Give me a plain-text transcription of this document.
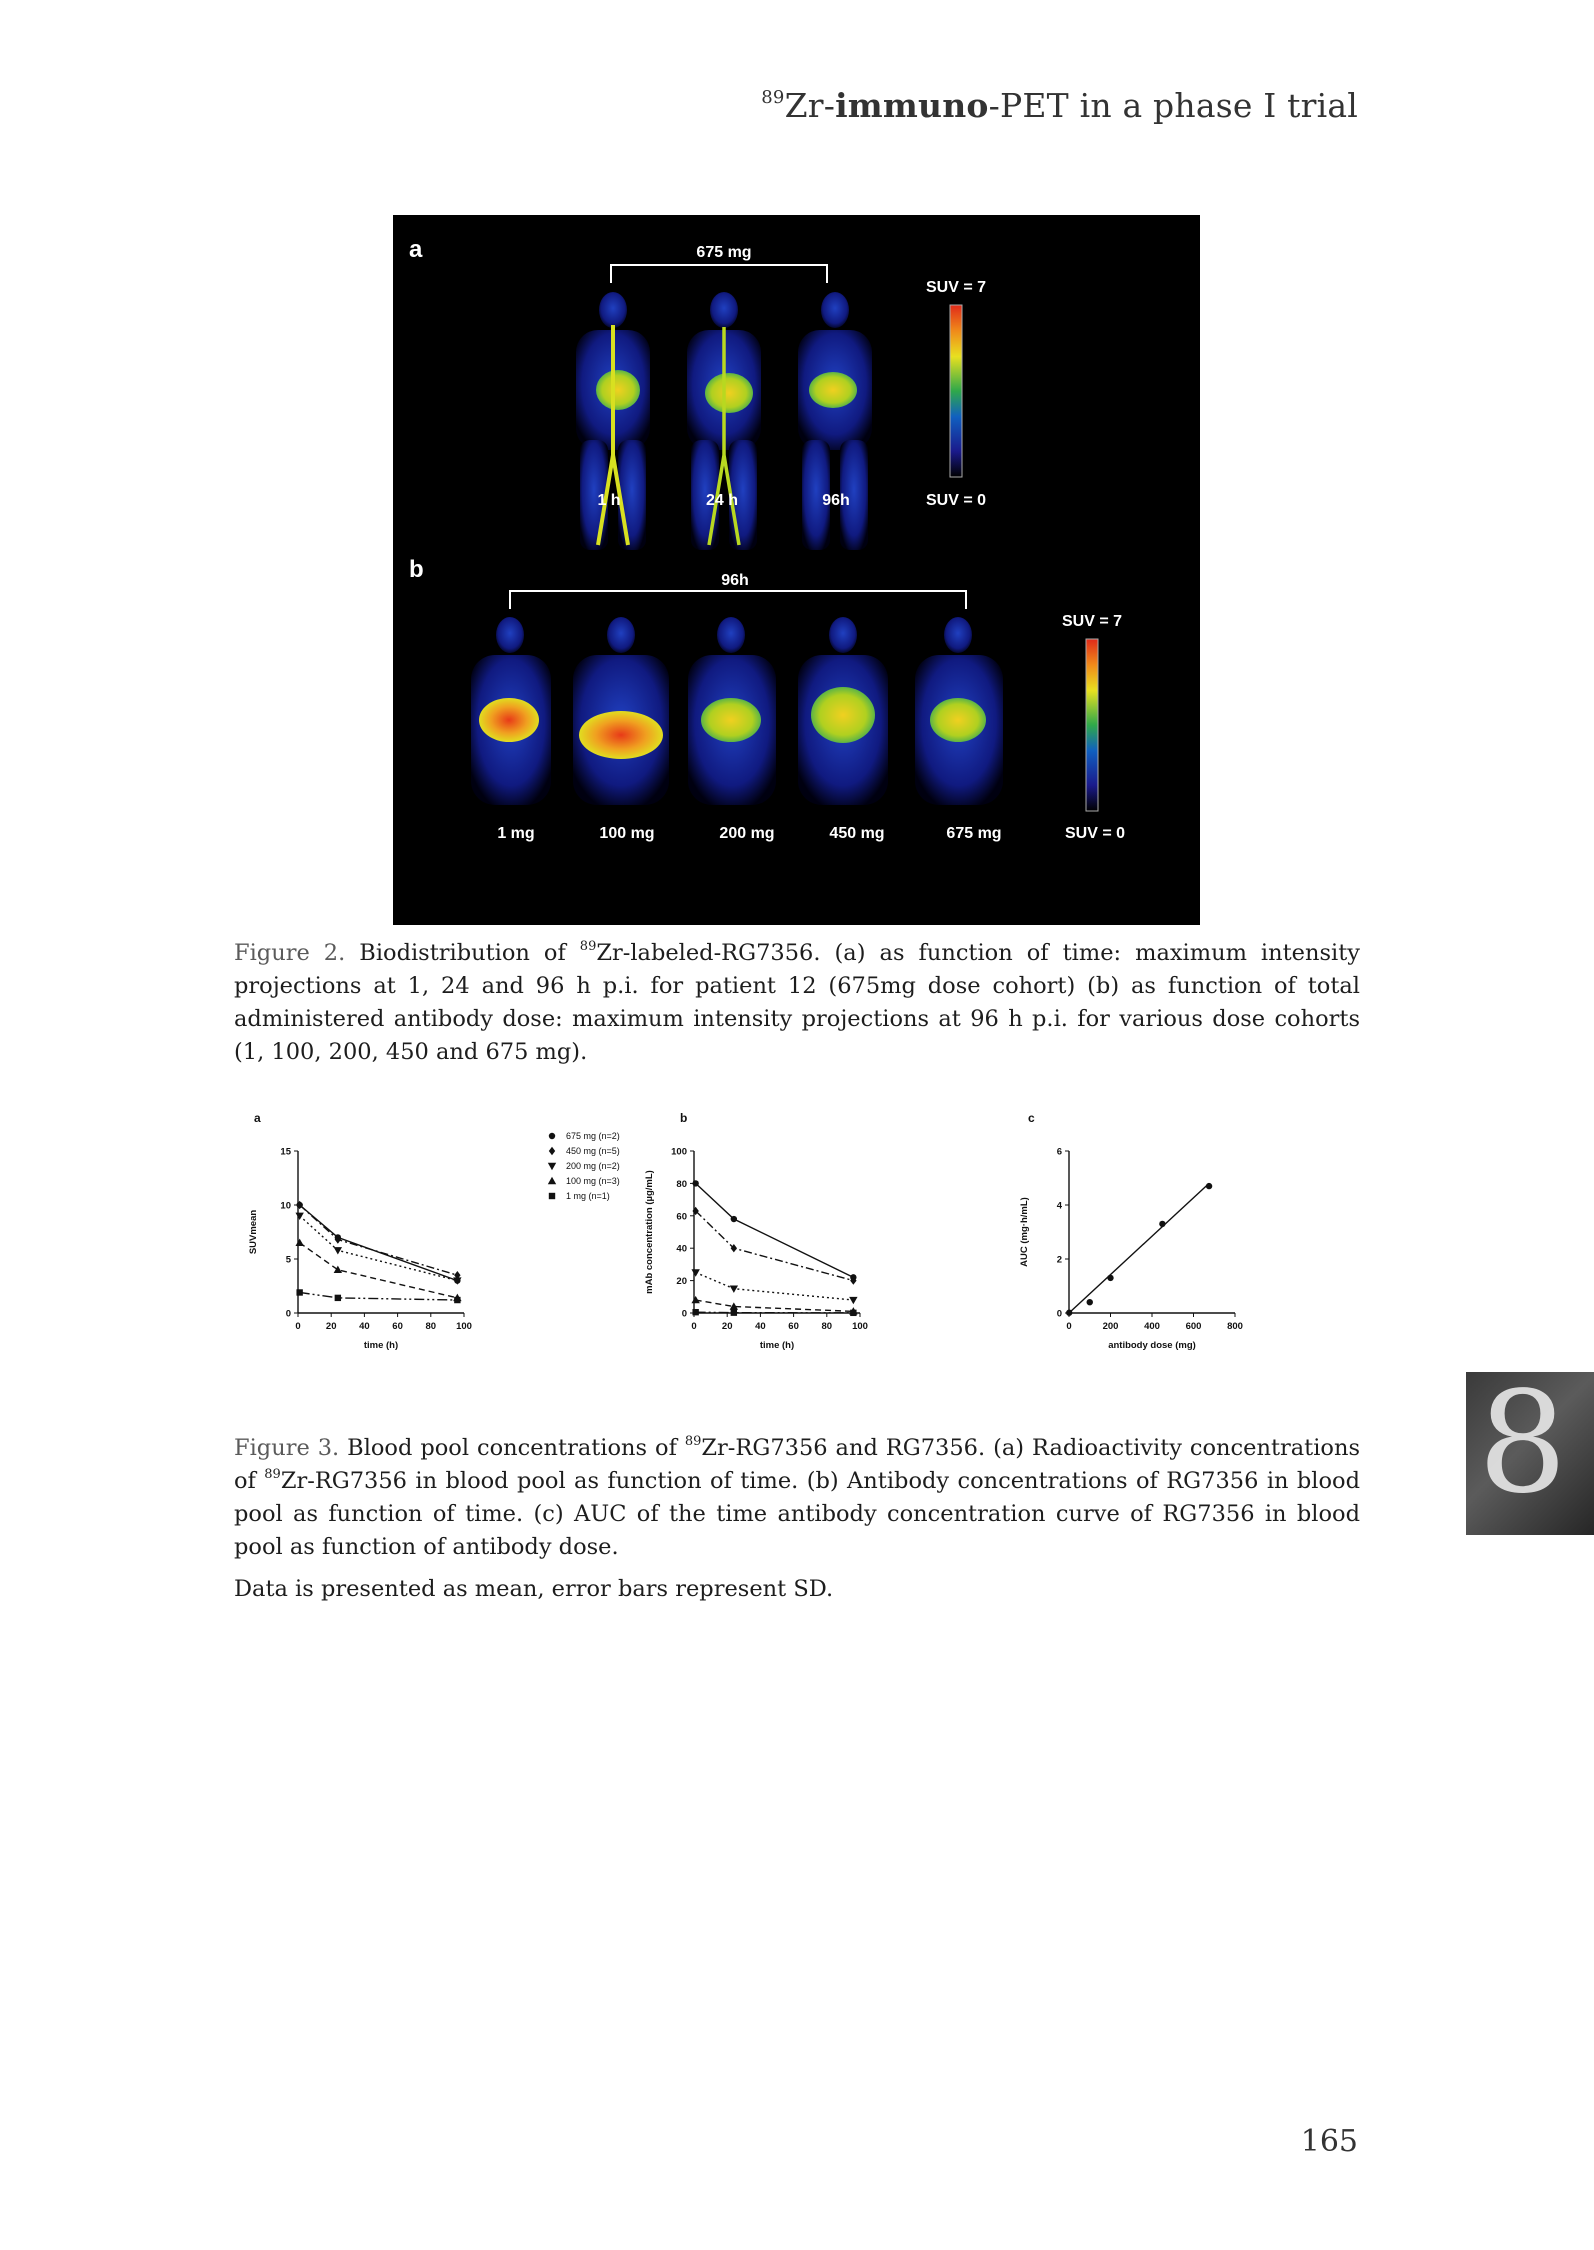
$^{89}$Zr-immuno-PET in a phase I trial
a	675 mg
1 h	24 h	96h
SUV = 7
SUV = 0
b	96h
1 mg	100 mg	200 mg	450 mg	675 mg
SUV = 7
SUV = 0
Figure 2. Biodistribution of $^{89}$Zr-labeled-RG7356. (a) as function of time: maximum intensity projections at 1, 24 and 96 h p.i. for patient 12 (675mg dose cohort) (b) as function of total administered antibody dose: maximum intensity projections at 96 h p.i. for various dose cohorts (1, 100, 200, 450 and 675 mg).
a
0	20 40 60 80 100
0
5
10
15
time (h)
SUVmean
675 mg (n=2)
450 mg (n=5)
200 mg (n=2)
100 mg (n=3)
1 mg (n=1)
b
0	20 40 60 80 100
0
20
40
60
80
100
time (h)
mAb concentration (µg/mL)
c
0	200	400	600	800
0
2
4
6
antibody dose (mg)
AUC (mg·h/mL)
Figure 3. Blood pool concentrations of $^{89}$Zr-RG7356 and RG7356. (a) Radioactivity concentrations of $^{89}$Zr-RG7356 in blood pool as function of time. (b) Antibody concentrations of RG7356 in blood pool as function of time. (c) AUC of the time antibody concentration curve of RG7356 in blood pool as function of antibody dose.
Data is presented as mean, error bars represent SD.
8
165
